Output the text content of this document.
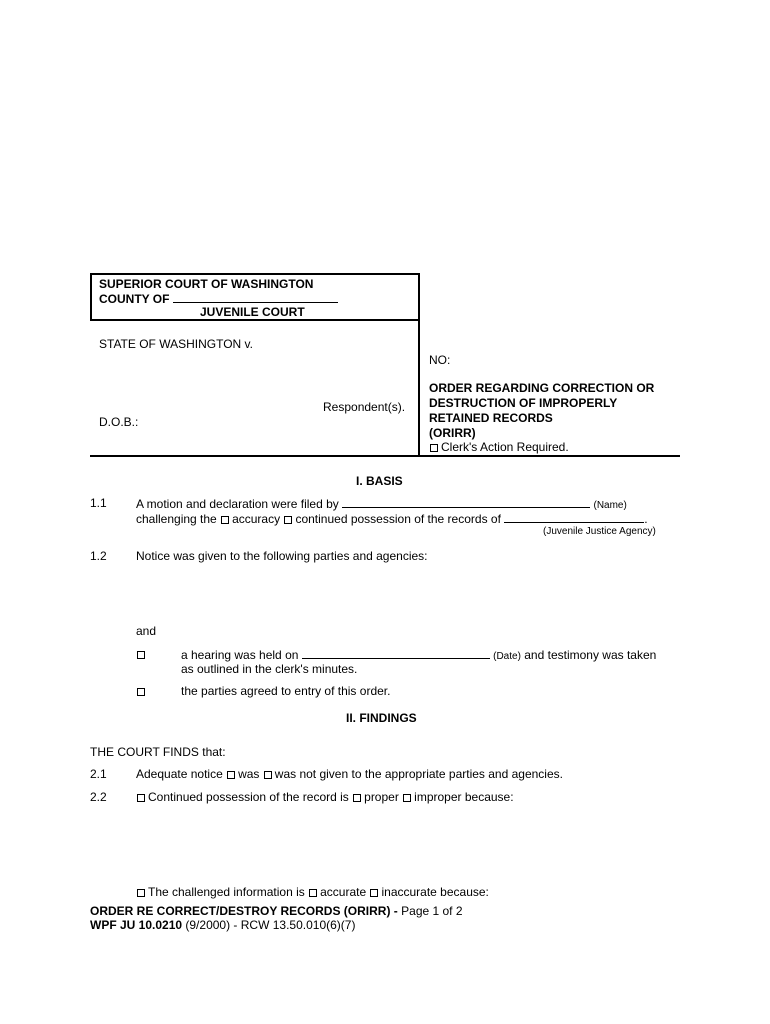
SUPERIOR COURT OF WASHINGTON
COUNTY OF
JUVENILE COURT
STATE OF WASHINGTON v.
Respondent(s).
D.O.B.:
NO:
ORDER REGARDING CORRECTION OR
DESTRUCTION OF IMPROPERLY
RETAINED RECORDS
(ORIRR)
Clerk's Action Required.
I. BASIS
1.1 A motion and declaration were filed by	(Name)
challenging the accuracy continued possession of the records of	.
(Juvenile Justice Agency)
1.2 Notice was given to the following parties and agencies:
and
a hearing was held on	(Date) and testimony was taken
as outlined in the clerk's minutes.
the parties agreed to entry of this order.
II. FINDINGS
THE COURT FINDS that:
2.1 Adequate notice was was not given to the appropriate parties and agencies.
2.2	Continued possession of the record is proper improper because:
The challenged information is accurate inaccurate because:
ORDER RE CORRECT/DESTROY RECORDS (ORIRR) - Page 1 of 2
WPF JU 10.0210 (9/2000) - RCW 13.50.010(6)(7)
